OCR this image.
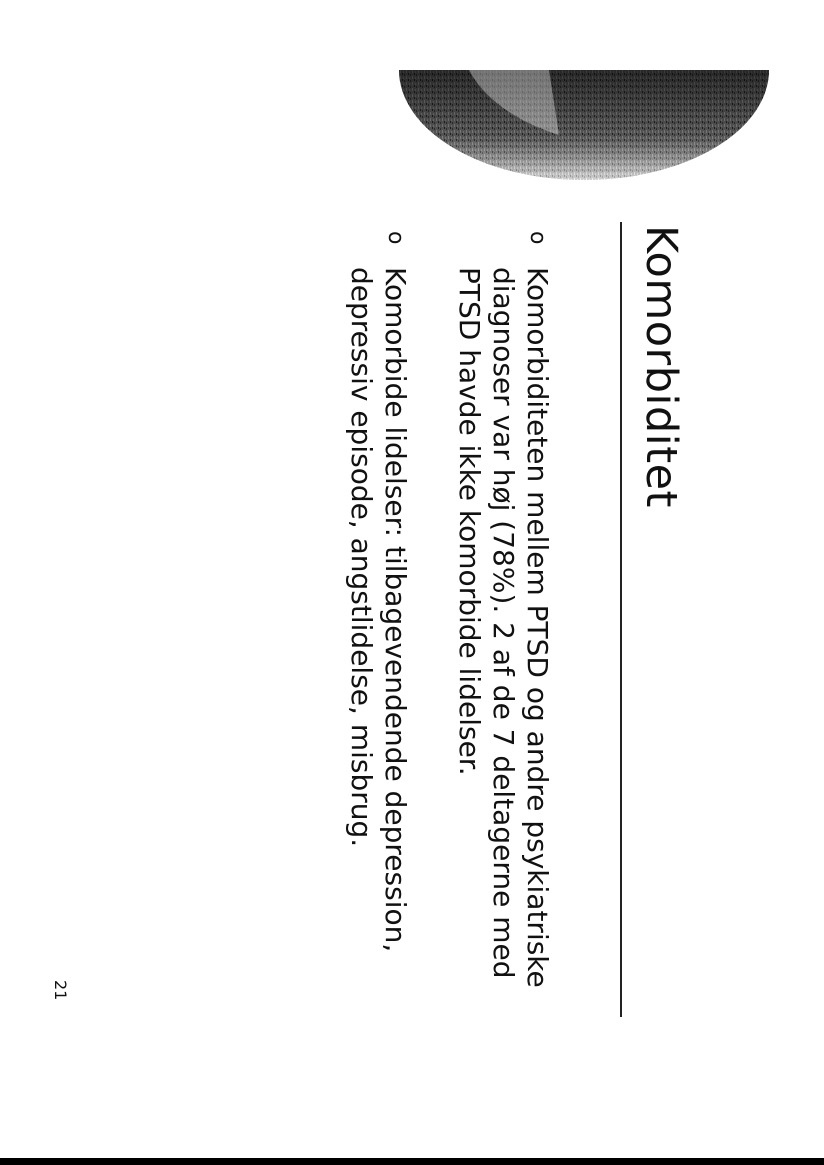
Komorbiditet
o
Komorbiditeten mellem PTSD og andre psykiatriske
diagnoser var høj (78%). 2 af de 7 deltagerne med
PTSD havde ikke komorbide lidelser.
o
Komorbide lidelser: tilbagevendende depression,
depressiv episode, angstlidelse, misbrug.

21
